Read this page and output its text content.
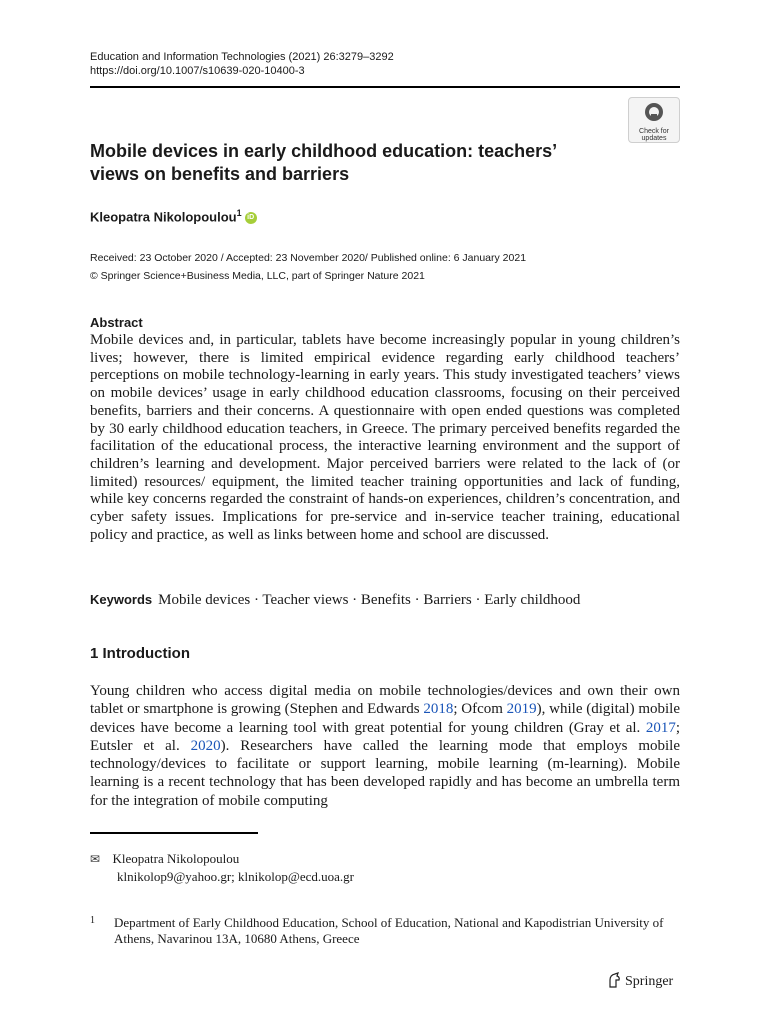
Education and Information Technologies (2021) 26:3279–3292
https://doi.org/10.1007/s10639-020-10400-3
Check for
updates
Mobile devices in early childhood education: teachers’ views on benefits and barriers
Kleopatra Nikolopoulou$^1$ iD
Received: 23 October 2020 / Accepted: 23 November 2020/ Published online: 6 January 2021
© Springer Science+Business Media, LLC, part of Springer Nature 2021
Abstract
Mobile devices and, in particular, tablets have become increasingly popular in young children’s lives; however, there is limited empirical evidence regarding early childhood teachers’ perceptions on mobile technology-learning in early years. This study investigated teachers’ views on mobile devices’ usage in early childhood education classrooms, focusing on their perceived benefits, barriers and their concerns. A questionnaire with open ended questions was completed by 30 early childhood education teachers, in Greece. The primary perceived benefits regarded the facilitation of the educational process, the interactive learning environment and the support of children’s learning and development. Major perceived barriers were related to the lack of (or limited) resources/ equipment, the limited teacher training opportunities and lack of funding, while key concerns regarded the constraint of hands-on experiences, children’s concentration, and cyber safety issues. Implications for pre-service and in-service teacher training, educational policy and practice, as well as links between home and school are discussed.
Keywords Mobile devices · Teacher views · Benefits · Barriers · Early childhood
1 Introduction
Young children who access digital media on mobile technologies/devices and own their own tablet or smartphone is growing (Stephen and Edwards 2018; Ofcom 2019), while (digital) mobile devices have become a learning tool with great potential for young children (Gray et al. 2017; Eutsler et al. 2020). Researchers have called the learning mode that employs mobile technology/devices to facilitate or support learning, mobile learning (m-learning). Mobile learning is a recent technology that has been developed rapidly and has become an umbrella term for the integration of mobile computing
✉ Kleopatra Nikolopoulou
klnikolop9@yahoo.gr; klnikolop@ecd.uoa.gr
1	Department of Early Childhood Education, School of Education, National and Kapodistrian University of Athens, Navarinou 13A, 10680 Athens, Greece
Springer
